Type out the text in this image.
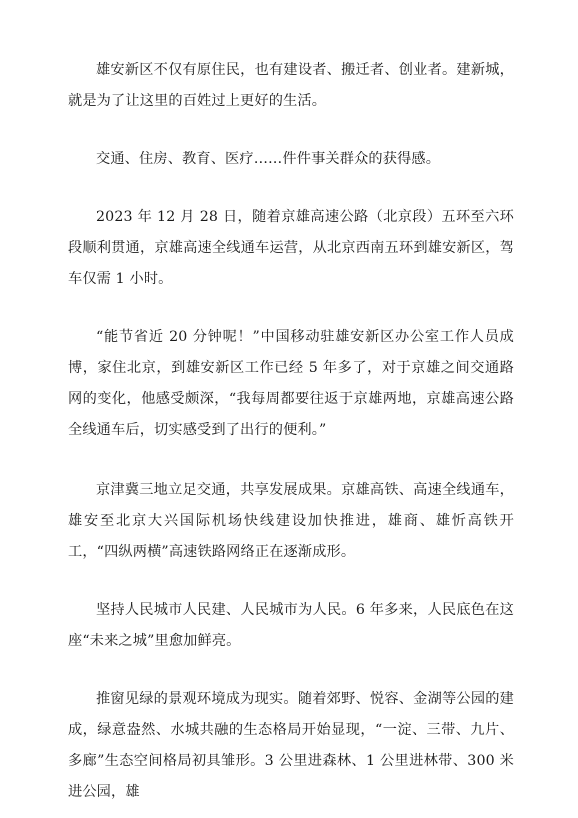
雄安新区不仅有原住民，也有建设者、搬迁者、创业者。建新城，就是为了让这里的百姓过上更好的生活。

交通、住房、教育、医疗……件件事关群众的获得感。

2023 年 12 月 28 日，随着京雄高速公路（北京段）五环至六环段顺利贯通，京雄高速全线通车运营，从北京西南五环到雄安新区，驾车仅需 1 小时。

“能节省近 20 分钟呢！”中国移动驻雄安新区办公室工作人员成博，家住北京，到雄安新区工作已经 5 年多了，对于京雄之间交通路网的变化，他感受颇深，“我每周都要往返于京雄两地，京雄高速公路全线通车后，切实感受到了出行的便利。”

京津冀三地立足交通，共享发展成果。京雄高铁、高速全线通车，雄安至北京大兴国际机场快线建设加快推进，雄商、雄忻高铁开工，“四纵两横”高速铁路网络正在逐渐成形。

坚持人民城市人民建、人民城市为人民。6 年多来，人民底色在这座“未来之城”里愈加鲜亮。

推窗见绿的景观环境成为现实。随着郊野、悦容、金湖等公园的建成，绿意盎然、水城共融的生态格局开始显现，“一淀、三带、九片、多廊”生态空间格局初具雏形。3 公里进森林、1 公里进林带、300 米进公园，雄
